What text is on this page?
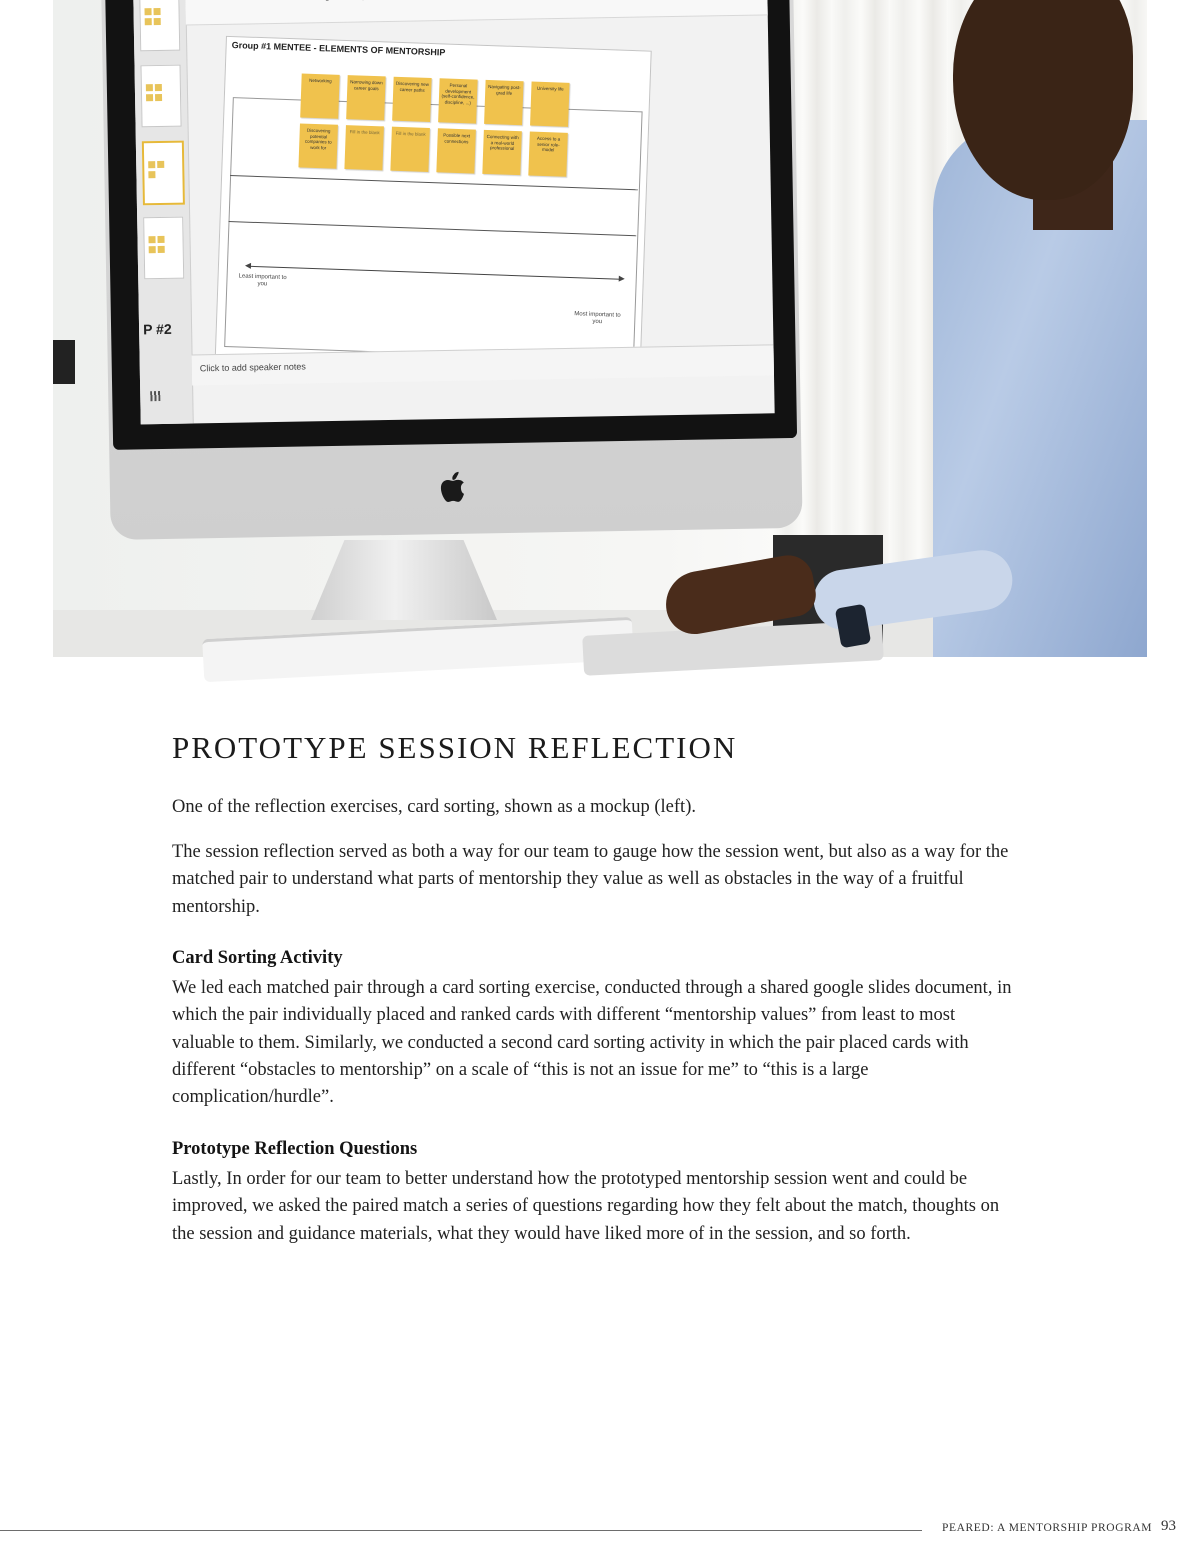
P #2
Group #1 MENTEE - ELEMENTS OF MENTORSHIP
Networking	Narrowing down career goals
Discovering new career paths
Personal development (self-confidence, discipline, ...)
Navigating post-grad life
University life
Discovering potential companies to work for
Fill in the blank	Fill in the blank	Possible next connections
Connecting with a real-world professional
Access to a senior role-model
Least important to you
Most important to you
Click to add speaker notes
PROTOTYPE SESSION REFLECTION

One of the reflection exercises, card sorting, shown as a mockup (left).

The session reflection served as both a way for our team to gauge how the session went, but also as a way for the matched pair to understand what parts of mentorship they value as well as obstacles in the way of a fruitful mentorship.

Card Sorting Activity

We led each matched pair through a card sorting exercise, conducted through a shared google slides document, in which the pair individually placed and ranked cards with different “mentorship values” from least to most valuable to them. Similarly, we conducted a second card sorting activity in which the pair placed cards with different “obstacles to mentorship” on a scale of “this is not an issue for me” to “this is a large complication/hurdle”.

Prototype Reflection Questions

Lastly, In order for our team to better understand how the prototyped mentorship session went and could be improved, we asked the paired match a series of questions regarding how they felt about the match, thoughts on the session and guidance materials, what they would have liked more of in the session, and so forth.

PEARED: A MENTORSHIP PROGRAM 93
